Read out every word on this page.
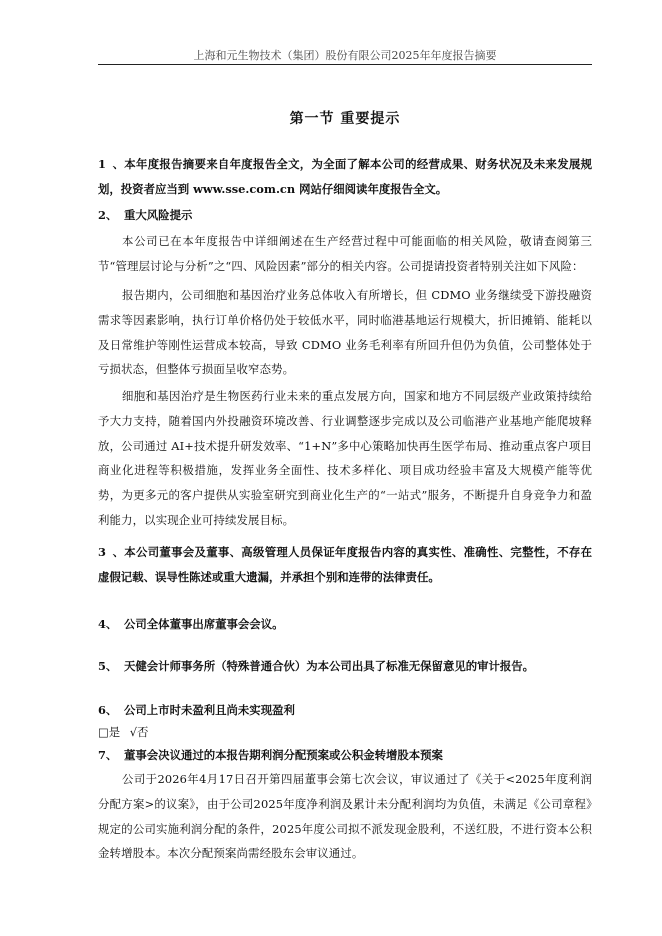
上海和元生物技术（集团）股份有限公司2025年年度报告摘要
第一节 重要提示
1、本年度报告摘要来自年度报告全文，为全面了解本公司的经营成果、财务状况及未来发展规
划，投资者应当到 www.sse.com.cn 网站仔细阅读年度报告全文。
2、 重大风险提示
本公司已在本年度报告中详细阐述在生产经营过程中可能面临的相关风险，敬请查阅第三节“管理层讨论与分析”之“四、风险因素”部分的相关内容。公司提请投资者特别关注如下风险：
报告期内，公司细胞和基因治疗业务总体收入有所增长，但 CDMO 业务继续受下游投融资需求等因素影响，执行订单价格仍处于较低水平，同时临港基地运行规模大，折旧摊销、能耗以及日常维护等刚性运营成本较高，导致 CDMO 业务毛利率有所回升但仍为负值，公司整体处于亏损状态，但整体亏损面呈收窄态势。
细胞和基因治疗是生物医药行业未来的重点发展方向，国家和地方不同层级产业政策持续给予大力支持，随着国内外投融资环境改善、行业调整逐步完成以及公司临港产业基地产能爬坡释放，公司通过 AI+技术提升研发效率、“1+N”多中心策略加快再生医学布局、推动重点客户项目商业化进程等积极措施，发挥业务全面性、技术多样化、项目成功经验丰富及大规模产能等优势，为更多元的客户提供从实验室研究到商业化生产的“一站式”服务，不断提升自身竞争力和盈利能力，以实现企业可持续发展目标。
3、本公司董事会及董事、高级管理人员保证年度报告内容的真实性、准确性、完整性，不存在
虚假记载、误导性陈述或重大遗漏，并承担个别和连带的法律责任。
4、 公司全体董事出席董事会会议。
5、 天健会计师事务所（特殊普通合伙）为本公司出具了标准无保留意见的审计报告。
6、 公司上市时未盈利且尚未实现盈利
□是 √否
7、 董事会决议通过的本报告期利润分配预案或公积金转增股本预案
公司于2026年4月17日召开第四届董事会第七次会议，审议通过了《关于<2025年度利润分配方案>的议案》，由于公司2025年度净利润及累计未分配利润均为负值，未满足《公司章程》规定的公司实施利润分配的条件，2025年度公司拟不派发现金股利，不送红股，不进行资本公积金转增股本。本次分配预案尚需经股东会审议通过。
